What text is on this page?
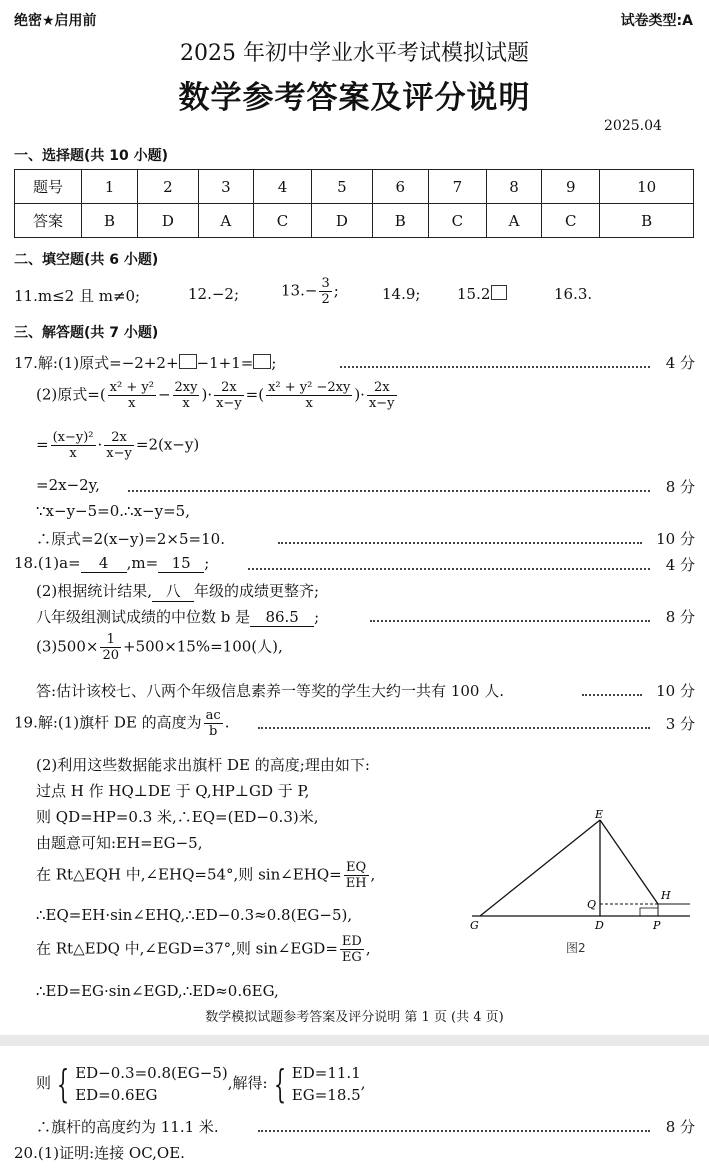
绝密★启用前	试卷类型:A
2025 年初中学业水平考试模拟试题
数学参考答案及评分说明
2025.04
一、选择题(共 10 小题)
题号	1	2	3	4	5	6	7	8	9	10
答案	B	D	A	C	D	B	C	A	C	B
二、填空题(共 6 小题)
11.m≤2 且 m≠0;	12.−2;	$13.- \frac{3}{2}$ ;	14.9; 15.2	16.3.
三、解答题(共 7 小题)
17.解:(1)原式=−2+2+ −1+1= ;	4 分
(2)原式=( $\frac{\text{x² + y²}}{x} - \frac{2xy}{x}$ )· $\frac{2x}{x-y}$ =( $\frac{\text{x² + y² −2xy}}{x}$ )· $\frac{2x}{x-y}$
= $\frac{\text{(x−y)²}}{x} \cdot \frac{2x}{x-y} =2(x-y)$
=2x−2y,	8 分
∵x−y−5=0.∴x−y=5,
∴原式=2(x−y)=2×5=10.	10 分
18.(1)a= 4 ,m= 15 ;	4 分
(2)根据统计结果, 八 年级的成绩更整齐;
八年级组测试成绩的中位数 b 是 86.5 ;	8 分
$(3)500\times \frac{1}{20} +500\times 15\%=100$(人),
答:估计该校七、八两个年级信息素养一等奖的学生大约一共有 100 人.	10 分
19.解:(1)旗杆 DE 的高度为 $\frac{ac}{b}$ .	3 分
(2)利用这些数据能求出旗杆 DE 的高度;理由如下:
过点 H 作 HQ⊥DE 于 Q,HP⊥GD 于 P,
则 QD=HP=0.3 米,∴EQ=(ED−0.3)米,
由题意可知:EH=EG−5,
在 Rt△EQH 中,∠EHQ=54°,则 sin∠EHQ= $\frac{EQ}{EH}$ ,
∴EQ=EH·sin∠EHQ,∴ED−0.3≈0.8(EG−5),
在 Rt△EDQ 中,∠EGD=37°,则 sin∠EGD= $\frac{ED}{EG}$ ,
∴ED=EG·sin∠EGD,∴ED≈0.6EG,
E
G	D	P
Q
H
图2
数学模拟试题参考答案及评分说明 第 1 页 (共 4 页)
则 { ED−0.3=0.8(EG−5)
ED=0.6EG
,解得: { ED=11.1
EG=18.5
,
∴旗杆的高度约为 11.1 米.	8 分
20.(1)证明:连接 OC,OE.
